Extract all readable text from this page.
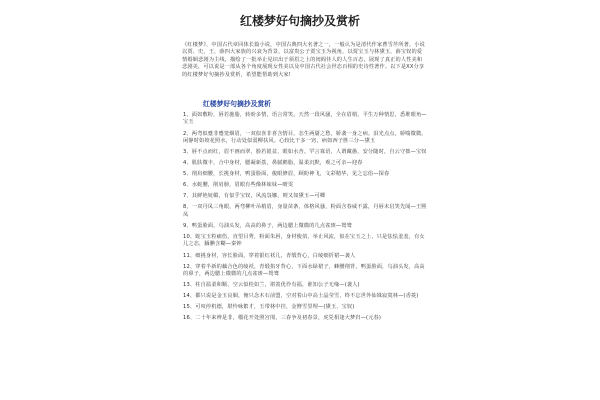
红楼梦好句摘抄及赏析
《红楼梦》，中国古代章回体长篇小说，中国古典四大名著之一，一般认为是清代作家曹雪芹所著。小说以贾、史、王、薛四大家族的兴衰为背景，以富贵公子贾宝玉为视角，以贾宝玉与林黛玉、薛宝钗的爱情婚姻悲剧为主线，描绘了一批举止见识出于须眉之上的闺阁佳人的人生百态，展现了真正的人性美和悲剧美，可以说是一部从各个角度展现女性美以及中国古代社会世态百相的史诗性著作。以下是XX分享的红楼梦好句摘抄及赏析，希望能帮助到大家!
红楼梦好句摘抄及赏析
1、面如敷粉，唇若施脂，转盼多情，语言常笑。天然一段风骚，全在眉梢，平生万种情思，悉堆眼角—宝玉
2、两弯似蹙非蹙笼烟眉，一双似喜非喜含情目。态生两靥之愁，娇袭一身之病。泪光点点，娇喘微微。闲静时如姣花照水，行动处似弱柳扶风。心较比干多一窍，病如西子胜三分—黛玉
3、唇不点而红，眉不画而翠，脸若银盆，眼如水杏。罕言寡语，人谓藏愚，安分随时，自云守拙—宝钗
4、肌肤微丰，合中身材，腮凝新荔，鼻腻鹅脂，温柔沉默，观之可亲—迎春
5、削肩细腰，长挑身材，鸭蛋脸面，俊眼修眉，顾盼神飞，文彩精华，见之忘俗—探春
6、水蛇腰，削肩膀，眉眼有些像林妹妹—晴雯
7、其鲜艳妩媚，有似乎宝钗，风流袅娜，则又如黛玉—可卿
8、一双丹凤三角眼，两弯柳叶吊梢眉，身量苗条，体格风骚，粉面含春威不露，丹唇未启笑先闻—王熙凤
9、鸭蛋脸面，乌油头发，高高的鼻子，两边腮上微微的几点雀斑—鸳鸯
10、蛇宝玉粒痛伤，直望目秀，粉面朱唇，身材俊俏，举止风流，似在宝玉之上，只是怯怯羞羞，有女儿之态，腼腆含糊—秦钟
11、细挑身材，容长脸面，穿着银红袄儿，青缎背心，白绫细折裙—袭人
12、穿着半新的藕合色的绫袄，青缎掐牙背心，下面水绿裙子，蜂腰削背，鸭蛋脸面，乌油头发，高高的鼻子，两边腮上微微的几点雀斑—鸳鸯
13、柱自温柔和顺，空云似桂如兰，堪羡优伶有福，谁知公子无缘—(袭人)
14、都只说是金玉良姻，俺只念木石前盟，空对着山中高士晶莹雪，终不忘世外仙姝寂寞林—(香菱)
15、可叹停机德，堪怜咏絮才，玉带林中挂，金簪雪里埋—(黛玉、宝钗)
16、二十年来辨是非，榴花开处照宫闱，三春争及初春景，虎兕相逢大梦归—(元春)
